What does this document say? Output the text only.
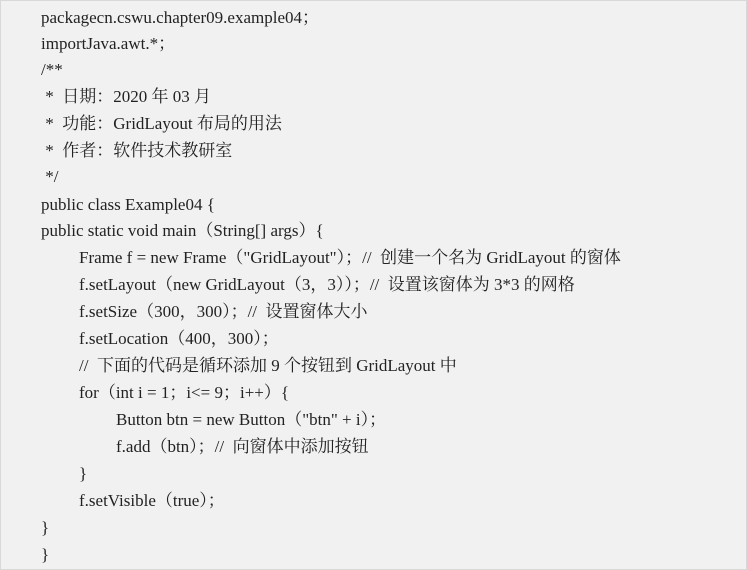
packagecn.cswu.chapter09.example04；
importJava.awt.*；
/**
*  日期：2020 年 03 月
*  功能：GridLayout 布局的用法
*  作者：软件技术教研室
*/
public class Example04 {
public static void main（String[] args）{
Frame f = new Frame（"GridLayout"）；//  创建一个名为 GridLayout 的窗体
f.setLayout（new GridLayout（3，3））；//  设置该窗体为 3*3 的网格
f.setSize（300，300）；//  设置窗体大小
f.setLocation（400，300）；
//  下面的代码是循环添加 9 个按钮到 GridLayout 中
for（int i = 1；i<= 9；i++）{
Button btn = new Button（"btn" + i）；
f.add（btn）；//  向窗体中添加按钮
}
f.setVisible（true）；
}
}
